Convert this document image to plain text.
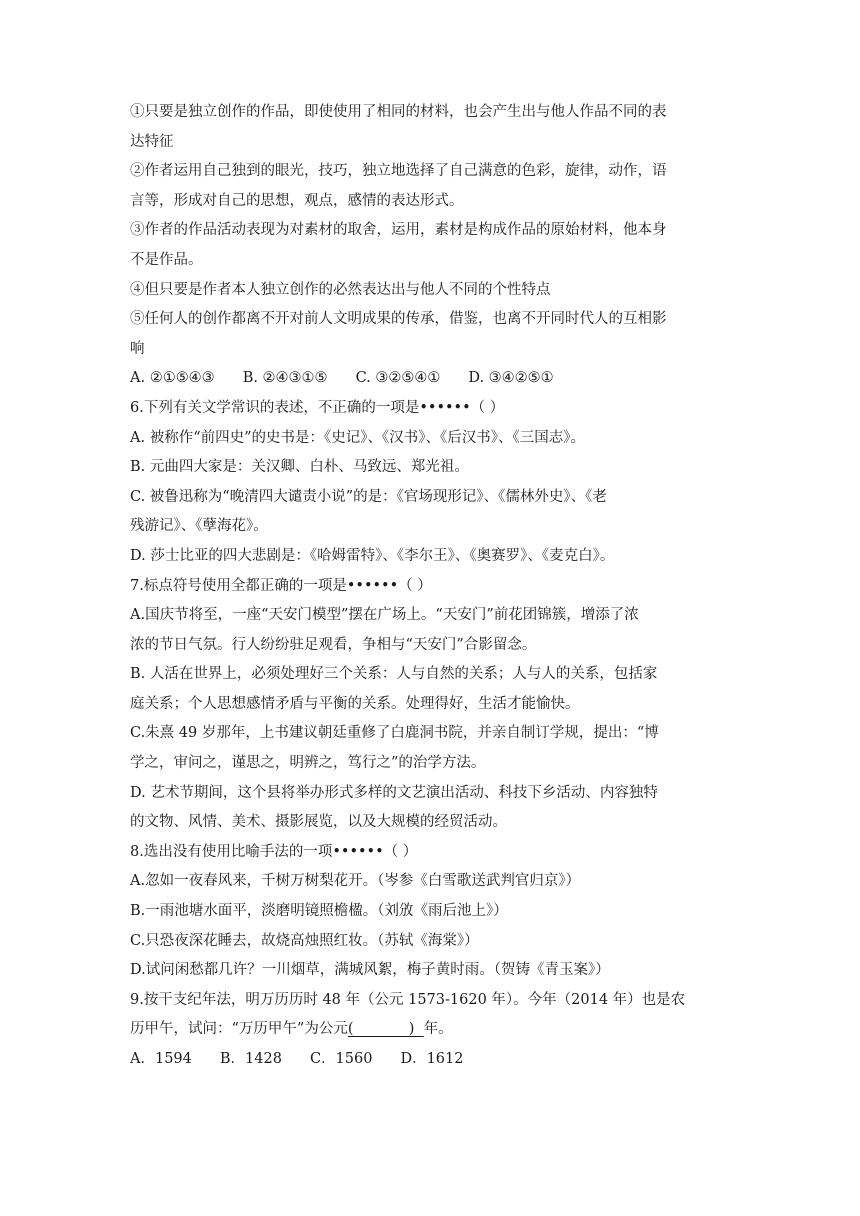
①只要是独立创作的作品，即使使用了相同的材料，也会产生出与他人作品不同的表
达特征
②作者运用自己独到的眼光，技巧，独立地选择了自己满意的色彩，旋律，动作，语
言等，形成对自己的思想，观点，感情的表达形式。
③作者的作品活动表现为对素材的取舍，运用，素材是构成作品的原始材料，他本身
不是作品。
④但只要是作者本人独立创作的必然表达出与他人不同的个性特点
⑤任何人的创作都离不开对前人文明成果的传承，借鉴，也离不开同时代人的互相影
响
A. ②①⑤④③ B. ②④③①⑤ C. ③②⑤④① D. ③④②⑤①
6.下列有关文学常识的表述，不正确的一项是••••••（ ）
A. 被称作“前四史”的史书是：《史记》、《汉书》、《后汉书》、《三国志》。
B. 元曲四大家是：关汉卿、白朴、马致远、郑光祖。
C. 被鲁迅称为“晚清四大谴责小说”的是：《官场现形记》、《儒林外史》、《老
残游记》、《孽海花》。
D. 莎士比亚的四大悲剧是：《哈姆雷特》、《李尔王》、《奥赛罗》、《麦克白》。
7.标点符号使用全都正确的一项是••••••（ ）
A.国庆节将至，一座“天安门模型”摆在广场上。“天安门”前花团锦簇，增添了浓
浓的节日气氛。行人纷纷驻足观看，争相与“天安门”合影留念。
B. 人活在世界上，必须处理好三个关系：人与自然的关系；人与人的关系，包括家
庭关系；个人思想感情矛盾与平衡的关系。处理得好，生活才能愉快。
C.朱熹 49 岁那年，上书建议朝廷重修了白鹿洞书院，并亲自制订学规，提出：“博
学之，审问之，谨思之，明辨之，笃行之”的治学方法。
D. 艺术节期间，这个县将举办形式多样的文艺演出活动、科技下乡活动、内容独特
的文物、风情、美术、摄影展览，以及大规模的经贸活动。
8.选出没有使用比喻手法的一项••••••（ ）
A.忽如一夜春风来，千树万树梨花开。（岑参《白雪歌送武判官归京》）
B.一雨池塘水面平，淡磨明镜照檐楹。（刘攽《雨后池上》）
C.只恐夜深花睡去，故烧高烛照红妆。（苏轼《海棠》）
D.试问闲愁都几许？一川烟草，满城风絮，梅子黄时雨。（贺铸《青玉案》）
9.按干支纪年法，明万历历时 48 年（公元 1573-1620 年）。今年（2014 年）也是农
历甲午，试问：“万历甲午”为公元(            )  年。
A．1594 B．1428 C．1560 D．1612
